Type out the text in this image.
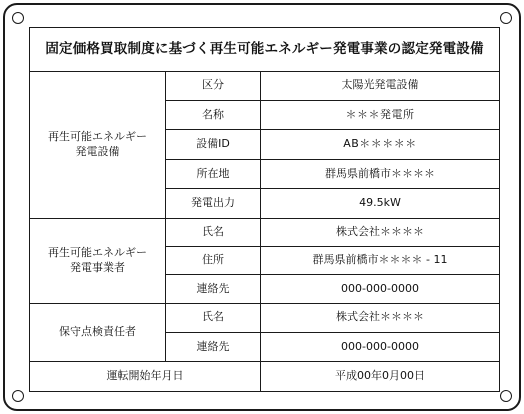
固定価格買取制度に基づく再生可能エネルギー発電事業の認定発電設備		
再生可能エネルギー
発電設備	区分	太陽光発電設備
	名称	＊＊＊発電所
	設備ID	AB＊＊＊＊＊
	所在地	群馬県前橋市＊＊＊＊
	発電出力	49.5kW
再生可能エネルギー
発電事業者	氏名	株式会社＊＊＊＊
	住所	群馬県前橋市＊＊＊＊ - 11
	連絡先	000-000-0000
保守点検責任者	氏名	株式会社＊＊＊＊
	連絡先	000-000-0000
運転開始年月日		平成00年0月00日
